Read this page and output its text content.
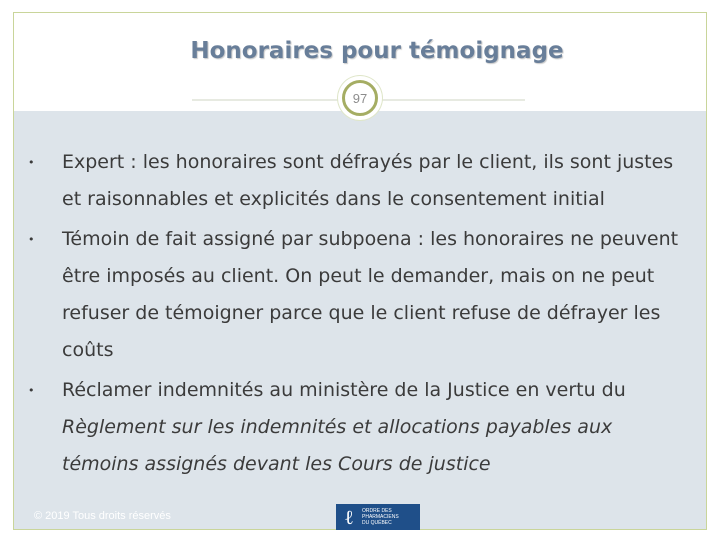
Honoraires pour témoignage
97
• Expert : les honoraires sont défrayés par le client, ils sont justes et raisonnables et explicités dans le consentement initial
• Témoin de fait assigné par subpoena : les honoraires ne peuvent être imposés au client. On peut le demander, mais on ne peut refuser de témoigner parce que le client refuse de défrayer les coûts
• Réclamer indemnités au ministère de la Justice en vertu du Règlement sur les indemnités et allocations payables aux témoins assignés devant les Cours de justice

© 2019 Tous droits réservés	ℓ	ORDRE DES
PHARMACIENS
DU QUÉBEC
